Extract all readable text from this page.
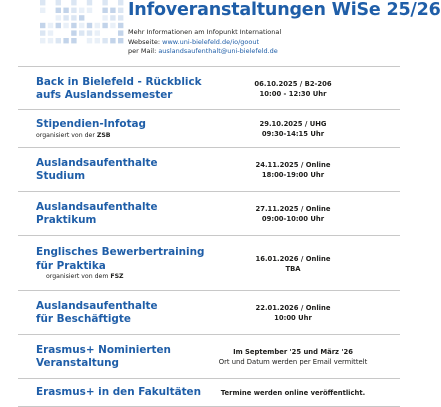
Infoveranstaltungen WiSe 25/26
Mehr Informationen am Infopunkt International
Webseite: www.uni-bielefeld.de/io/goout
per Mail: auslandsaufenthalt@uni-bielefeld.de
Back in Bielefeld - Rückblick
aufs Auslandssemester
06.10.2025 / B2-206
10:00 - 12:30 Uhr
Stipendien-Infotag
organisiert von der ZSB
29.10.2025 / UHG
09:30-14:15 Uhr
Auslandsaufenthalte
Studium
24.11.2025 / Online
18:00-19:00 Uhr
Auslandsaufenthalte
Praktikum
27.11.2025 / Online
09:00-10:00 Uhr
Englisches Bewerbertraining
für Praktika
organisiert von dem FSZ
16.01.2026 / Online
TBA
Auslandsaufenthalte
für Beschäftigte
22.01.2026 / Online
10:00 Uhr
Erasmus+ Nominierten
Veranstaltung
Im September '25 und März '26
Ort und Datum werden per Email vermittelt
Erasmus+ in den Fakultäten	Termine werden online veröffentlicht.
